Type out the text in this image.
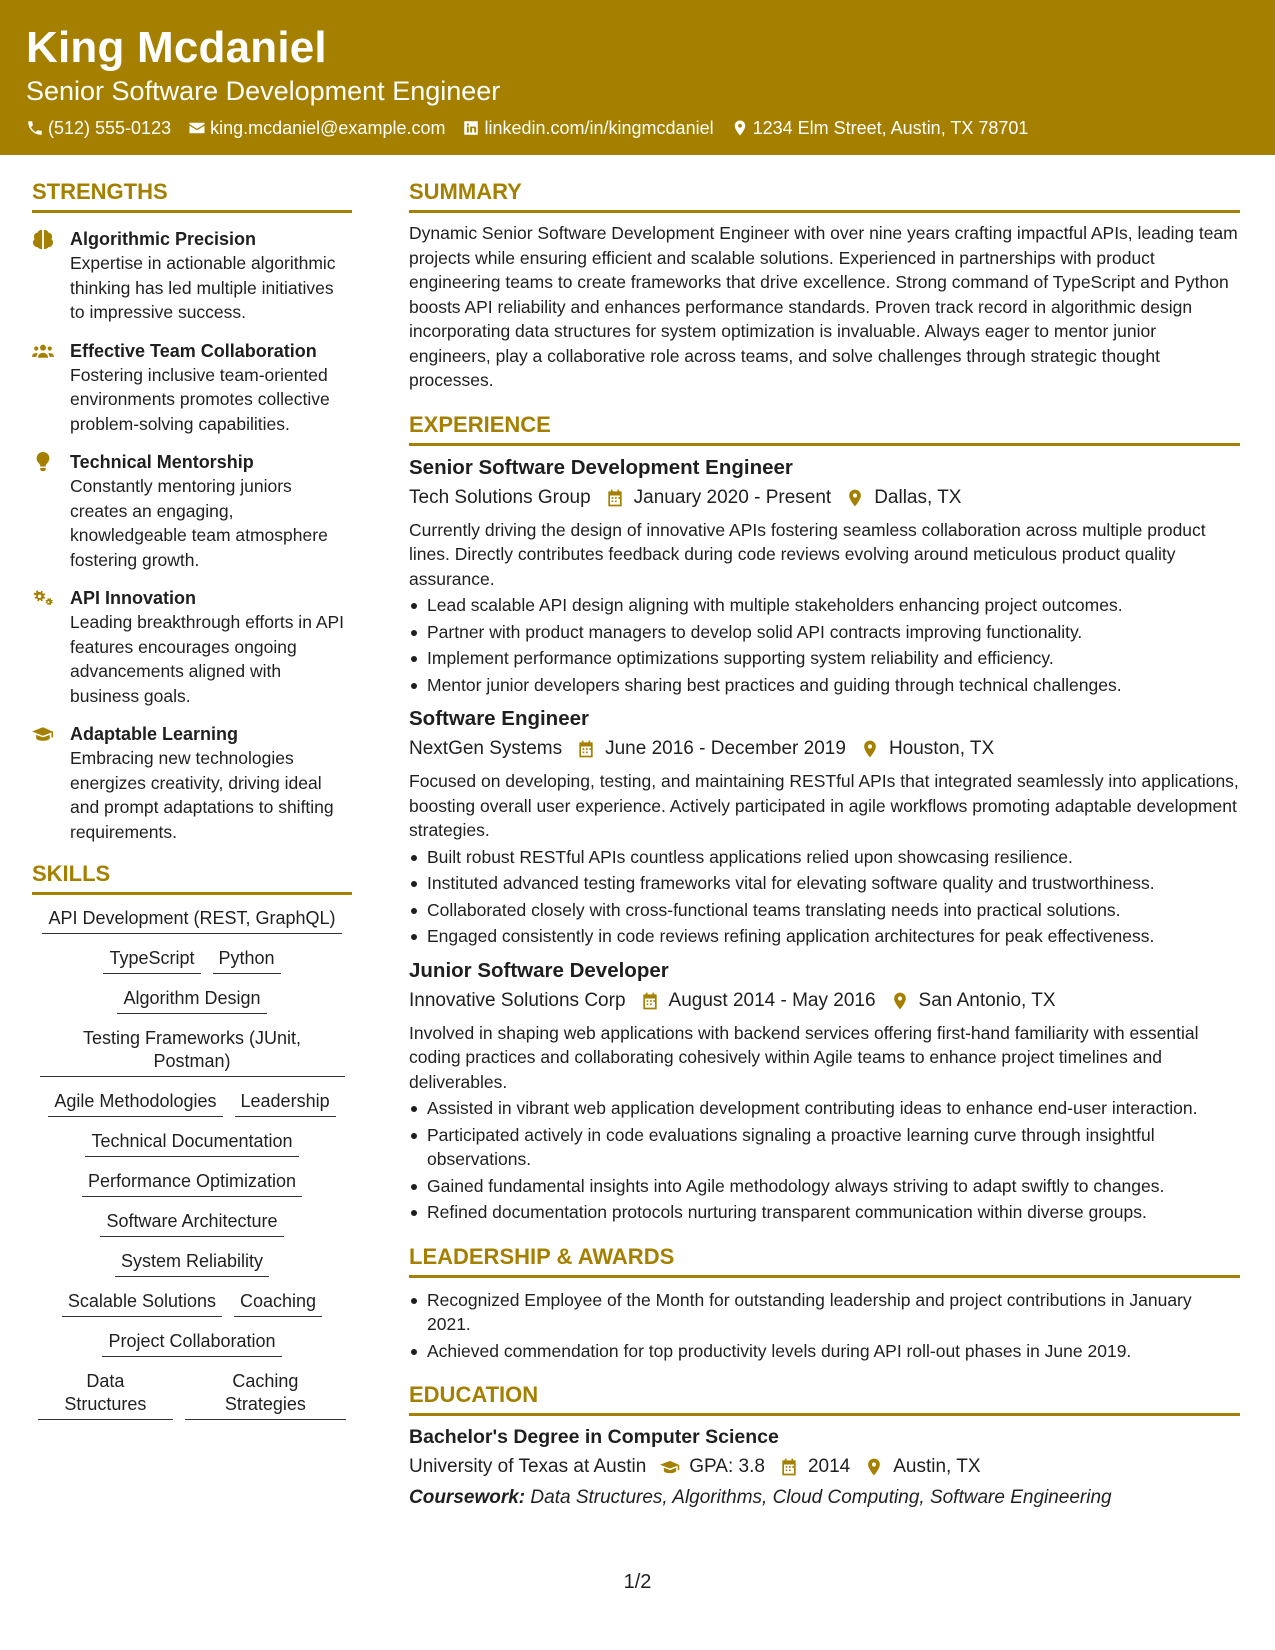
King Mcdaniel
Senior Software Development Engineer
(512) 555-0123 king.mcdaniel@example.com linkedin.com/in/kingmcdaniel 1234 Elm Street, Austin, TX 78701
STRENGTHS
Algorithmic Precision
Expertise in actionable algorithmic thinking has led multiple initiatives to impressive success.
Effective Team Collaboration
Fostering inclusive team-oriented environments promotes collective problem-solving capabilities.
Technical Mentorship
Constantly mentoring juniors creates an engaging, knowledgeable team atmosphere fostering growth.
API Innovation
Leading breakthrough efforts in API features encourages ongoing advancements aligned with business goals.
Adaptable Learning
Embracing new technologies energizes creativity, driving ideal and prompt adaptations to shifting requirements.
SKILLS
API Development (REST, GraphQL)
TypeScript	Python
Algorithm Design
Testing Frameworks (JUnit, Postman)
Agile Methodologies	Leadership
Technical Documentation
Performance Optimization
Software Architecture
System Reliability
Scalable Solutions	Coaching
Project Collaboration
Data Structures
Caching Strategies
SUMMARY
Dynamic Senior Software Development Engineer with over nine years crafting impactful APIs, leading team projects while ensuring efficient and scalable solutions. Experienced in partnerships with product engineering teams to create frameworks that drive excellence. Strong command of TypeScript and Python boosts API reliability and enhances performance standards. Proven track record in algorithmic design incorporating data structures for system optimization is invaluable. Always eager to mentor junior engineers, play a collaborative role across teams, and solve challenges through strategic thought processes.
EXPERIENCE
Senior Software Development Engineer
Tech Solutions Group January 2020 - Present Dallas, TX
Currently driving the design of innovative APIs fostering seamless collaboration across multiple product lines. Directly contributes feedback during code reviews evolving around meticulous product quality assurance.
Lead scalable API design aligning with multiple stakeholders enhancing project outcomes.
Partner with product managers to develop solid API contracts improving functionality.
Implement performance optimizations supporting system reliability and efficiency.
Mentor junior developers sharing best practices and guiding through technical challenges.
Software Engineer
NextGen Systems June 2016 - December 2019 Houston, TX
Focused on developing, testing, and maintaining RESTful APIs that integrated seamlessly into applications, boosting overall user experience. Actively participated in agile workflows promoting adaptable development strategies.
Built robust RESTful APIs countless applications relied upon showcasing resilience.
Instituted advanced testing frameworks vital for elevating software quality and trustworthiness.
Collaborated closely with cross-functional teams translating needs into practical solutions.
Engaged consistently in code reviews refining application architectures for peak effectiveness.
Junior Software Developer
Innovative Solutions Corp August 2014 - May 2016 San Antonio, TX
Involved in shaping web applications with backend services offering first-hand familiarity with essential coding practices and collaborating cohesively within Agile teams to enhance project timelines and deliverables.
Assisted in vibrant web application development contributing ideas to enhance end-user interaction.
Participated actively in code evaluations signaling a proactive learning curve through insightful observations.
Gained fundamental insights into Agile methodology always striving to adapt swiftly to changes.
Refined documentation protocols nurturing transparent communication within diverse groups.
LEADERSHIP & AWARDS
Recognized Employee of the Month for outstanding leadership and project contributions in January 2021.
Achieved commendation for top productivity levels during API roll-out phases in June 2019.
EDUCATION
Bachelor's Degree in Computer Science
University of Texas at Austin GPA: 3.8 2014 Austin, TX
Coursework: Data Structures, Algorithms, Cloud Computing, Software Engineering
1/2
